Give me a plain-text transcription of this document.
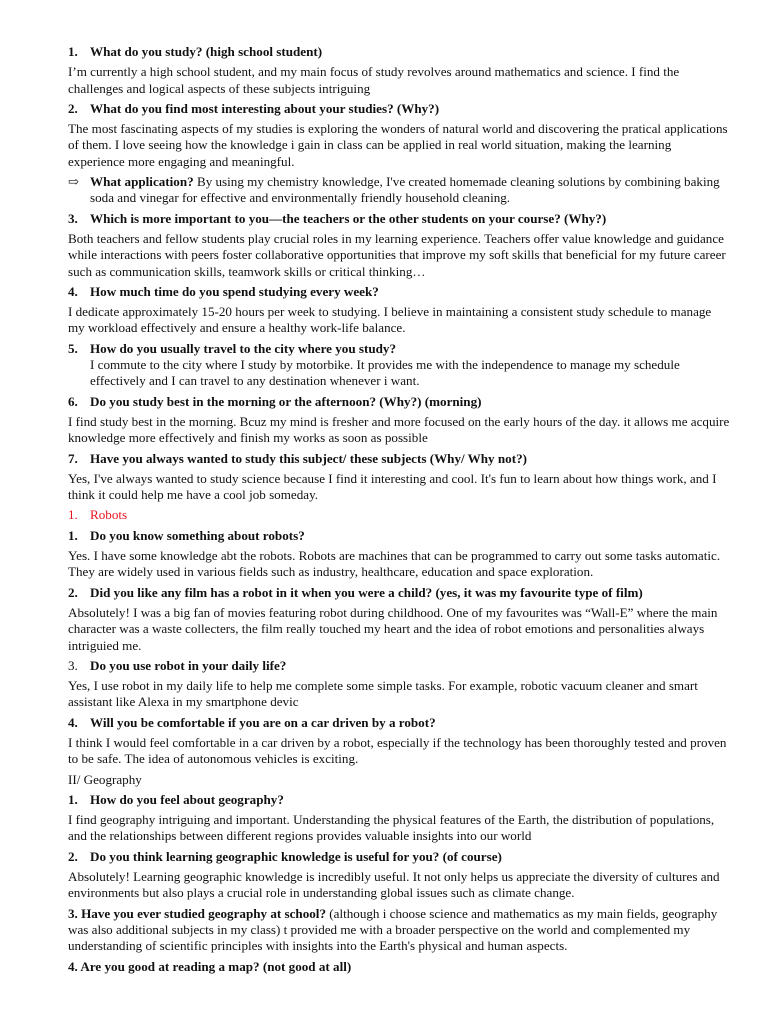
1. What do you study? (high school student)

I’m currently a high school student, and my main focus of study revolves around mathematics and science. I find the challenges and logical aspects of these subjects intriguing

2. What do you find most interesting about your studies? (Why?)

The most fascinating aspects of my studies is exploring the wonders of natural world and discovering the pratical applications of them. I love seeing how the knowledge i gain in class can be applied in real world situation, making the learning experience more engaging and meaningful.

⇨ What application? By using my chemistry knowledge, I've created homemade cleaning solutions by combining baking soda and vinegar for effective and environmentally friendly household cleaning.
3. Which is more important to you—the teachers or the other students on your course? (Why?)

Both teachers and fellow students play crucial roles in my learning experience. Teachers offer value knowledge and guidance while interactions with peers foster collaborative opportunities that improve my soft skills that beneficial for my future career such as communication skills, teamwork skills or critical thinking…

4. How much time do you spend studying every week?

I dedicate approximately 15-20 hours per week to studying. I believe in maintaining a consistent study schedule to manage my workload effectively and ensure a healthy work-life balance.

5. How do you usually travel to the city where you study?

I commute to the city where I study by motorbike. It provides me with the independence to manage my schedule effectively and I can travel to any destination whenever i want.

6. Do you study best in the morning or the afternoon? (Why?) (morning)

I find study best in the morning. Bcuz my mind is fresher and more focused on the early hours of the day. it allows me acquire knowledge more effectively and finish my works as soon as possible

7. Have you always wanted to study this subject/ these subjects (Why/ Why not?)

Yes, I've always wanted to study science because I find it interesting and cool. It's fun to learn about how things work, and I think it could help me have a cool job someday.

1. Robots
1. Do you know something about robots?

Yes. I have some knowledge abt the robots. Robots are machines that can be programmed to carry out some tasks automatic. They are widely used in various fields such as industry, healthcare, education and space exploration.

2. Did you like any film has a robot in it when you were a child? (yes, it was my favourite type of film)

Absolutely! I was a big fan of movies featuring robot during childhood. One of my favourites was “Wall-E” where the main character was a waste collecters, the film really touched my heart and the idea of robot emotions and personalities always intriguied me.

3. Do you use robot in your daily life?

Yes, I use robot in my daily life to help me complete some simple tasks. For example, robotic vacuum cleaner and smart assistant like Alexa in my smartphone devic

4. Will you be comfortable if you are on a car driven by a robot?

I think I would feel comfortable in a car driven by a robot, especially if the technology has been thoroughly tested and proven to be safe. The idea of autonomous vehicles is exciting.

II/ Geography

1. How do you feel about geography?

I find geography intriguing and important. Understanding the physical features of the Earth, the distribution of populations, and the relationships between different regions provides valuable insights into our world

2. Do you think learning geographic knowledge is useful for you? (of course)

Absolutely! Learning geographic knowledge is incredibly useful. It not only helps us appreciate the diversity of cultures and environments but also plays a crucial role in understanding global issues such as climate change.

3. Have you ever studied geography at school? (although i choose science and mathematics as my main fields, geography was also additional subjects in my class) t provided me with a broader perspective on the world and complemented my understanding of scientific principles with insights into the Earth's physical and human aspects.

4. Are you good at reading a map? (not good at all)
